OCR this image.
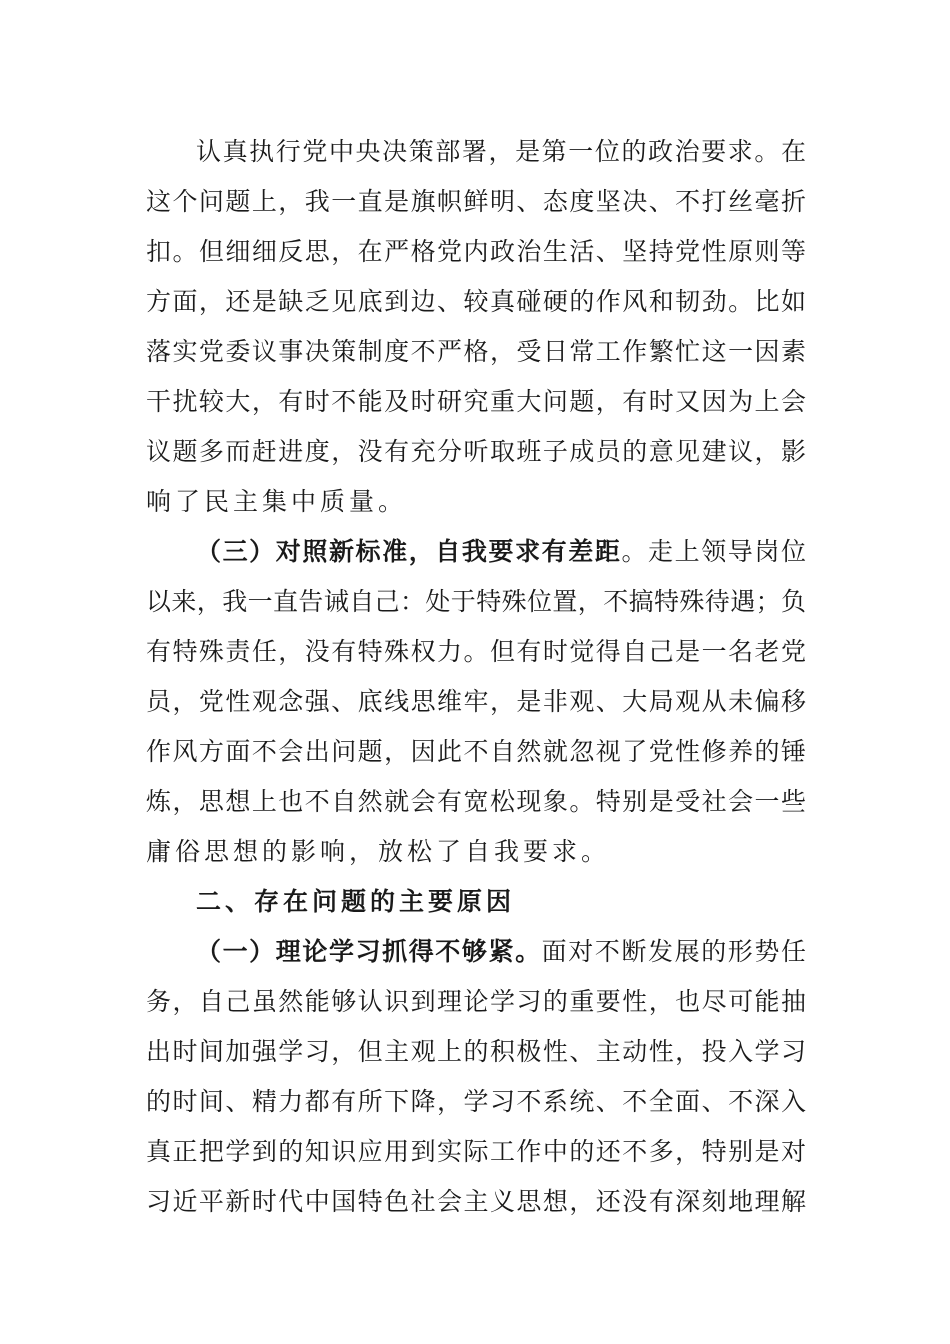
认真执行党中央决策部署，是第一位的政治要求。在
这个问题上，我一直是旗帜鲜明、态度坚决、不打丝毫折
扣。但细细反思，在严格党内政治生活、坚持党性原则等
方面，还是缺乏见底到边、较真碰硬的作风和韧劲。比如
落实党委议事决策制度不严格，受日常工作繁忙这一因素
干扰较大，有时不能及时研究重大问题，有时又因为上会
议题多而赶进度，没有充分听取班子成员的意见建议，影
响了民主集中质量。
（三）对照新标准，自我要求有差距。走上领导岗位
以来，我一直告诫自己：处于特殊位置，不搞特殊待遇；负
有特殊责任，没有特殊权力。但有时觉得自己是一名老党
员，党性观念强、底线思维牢，是非观、大局观从未偏移
作风方面不会出问题，因此不自然就忽视了党性修养的锤
炼，思想上也不自然就会有宽松现象。特别是受社会一些
庸俗思想的影响，放松了自我要求。
二、存在问题的主要原因
（一）理论学习抓得不够紧。面对不断发展的形势任
务，自己虽然能够认识到理论学习的重要性，也尽可能抽
出时间加强学习，但主观上的积极性、主动性，投入学习
的时间、精力都有所下降，学习不系统、不全面、不深入
真正把学到的知识应用到实际工作中的还不多，特别是对
习近平新时代中国特色社会主义思想，还没有深刻地理解
